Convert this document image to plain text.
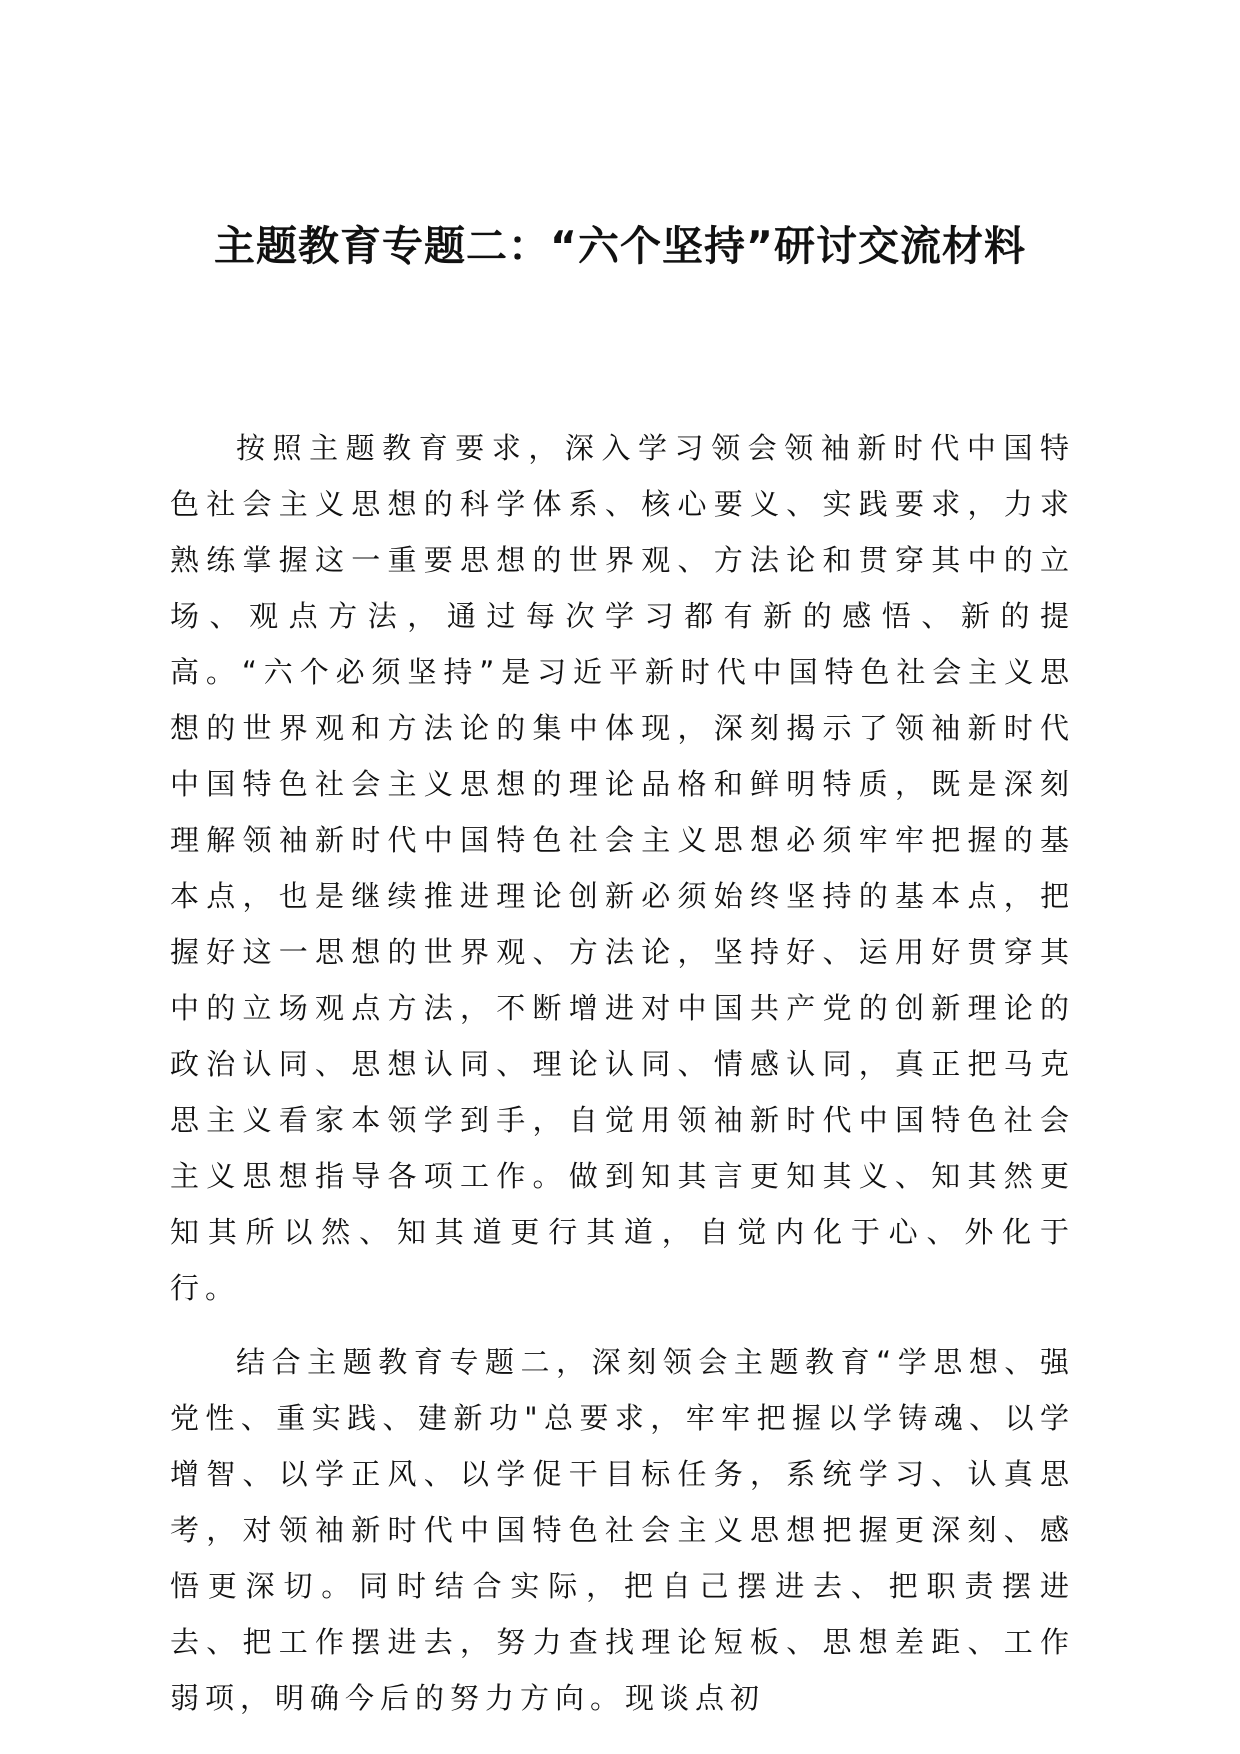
主题教育专题二：“六个坚持”研讨交流材料

按照主题教育要求，深入学习领会领袖新时代中国特色社会主义思想的科学体系、核心要义、实践要求，力求熟练掌握这一重要思想的世界观、方法论和贯穿其中的立场、观点方法，通过每次学习都有新的感悟、新的提高。“六个必须坚持”是习近平新时代中国特色社会主义思想的世界观和方法论的集中体现，深刻揭示了领袖新时代中国特色社会主义思想的理论品格和鲜明特质，既是深刻理解领袖新时代中国特色社会主义思想必须牢牢把握的基本点，也是继续推进理论创新必须始终坚持的基本点，把握好这一思想的世界观、方法论，坚持好、运用好贯穿其中的立场观点方法，不断增进对中国共产党的创新理论的政治认同、思想认同、理论认同、情感认同，真正把马克思主义看家本领学到手，自觉用领袖新时代中国特色社会主义思想指导各项工作。做到知其言更知其义、知其然更知其所以然、知其道更行其道，自觉内化于心、外化于行。

结合主题教育专题二，深刻领会主题教育“学思想、强党性、重实践、建新功"总要求，牢牢把握以学铸魂、以学增智、以学正风、以学促干目标任务，系统学习、认真思考，对领袖新时代中国特色社会主义思想把握更深刻、感悟更深切。同时结合实际，把自己摆进去、把职责摆进去、把工作摆进去，努力查找理论短板、思想差距、工作弱项，明确今后的努力方向。现谈点初
